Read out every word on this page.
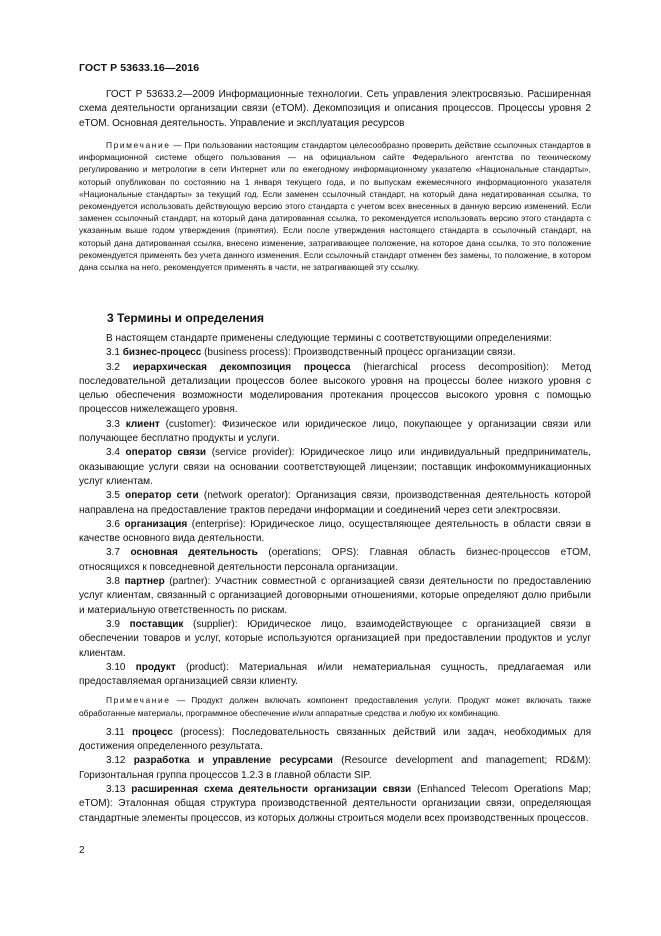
ГОСТ Р 53633.16—2016

ГОСТ Р 53633.2—2009 Информационные технологии. Сеть управления электросвязью. Расширенная схема деятельности организации связи (eTOM). Декомпозиция и описания процессов. Процессы уровня 2 eTOM. Основная деятельность. Управление и эксплуатация ресурсов

Примечание — При пользовании настоящим стандартом целесообразно проверить действие ссылочных стандартов в информационной системе общего пользования — на официальном сайте Федерального агентства по техническому регулированию и метрологии в сети Интернет или по ежегодному информационному указателю «Национальные стандарты», который опубликован по состоянию на 1 января текущего года, и по выпускам ежемесячного информационного указателя «Национальные стандарты» за текущий год. Если заменен ссылочный стандарт, на который дана недатированная ссылка, то рекомендуется использовать действующую версию этого стандарта с учетом всех внесенных в данную версию изменений. Если заменен ссылочный стандарт, на который дана датированная ссылка, то рекомендуется использовать версию этого стандарта с указанным выше годом утверждения (принятия). Если после утверждения настоящего стандарта в ссылочный стандарт, на который дана датированная ссылка, внесено изменение, затрагивающее положение, на которое дана ссылка, то это положение рекомендуется применять без учета данного изменения. Если ссылочный стандарт отменен без замены, то положение, в котором дана ссылка на него, рекомендуется применять в части, не затрагивающей эту ссылку.

3 Термины и определения

В настоящем стандарте применены следующие термины с соответствующими определениями:

3.1 бизнес-процесс (business process): Производственный процесс организации связи.

3.2 иерархическая декомпозиция процесса (hierarchical process decomposition): Метод последовательной детализации процессов более высокого уровня на процессы более низкого уровня с целью обеспечения возможности моделирования протекания процессов высокого уровня с помощью процессов нижележащего уровня.

3.3 клиент (customer): Физическое или юридическое лицо, покупающее у организации связи или получающее бесплатно продукты и услуги.

3.4 оператор связи (service provider): Юридическое лицо или индивидуальный предприниматель, оказывающие услуги связи на основании соответствующей лицензии; поставщик инфокоммуникационных услуг клиентам.

3.5 оператор сети (network operator): Организация связи, производственная деятельность которой направлена на предоставление трактов передачи информации и соединений через сети электросвязи.

3.6 организация (enterprise): Юридическое лицо, осуществляющее деятельность в области связи в качестве основного вида деятельности.

3.7 основная деятельность (operations; OPS): Главная область бизнес-процессов eTOM, относящихся к повседневной деятельности персонала организации.

3.8 партнер (partner): Участник совместной с организацией связи деятельности по предоставлению услуг клиентам, связанный с организацией договорными отношениями, которые определяют долю прибыли и материальную ответственность по рискам.

3.9 поставщик (supplier): Юридическое лицо, взаимодействующее с организацией связи в обеспечении товаров и услуг, которые используются организацией при предоставлении продуктов и услуг клиентам.

3.10 продукт (product): Материальная и/или нематериальная сущность, предлагаемая или предоставляемая организацией связи клиенту.

Примечание — Продукт должен включать компонент предоставления услуги. Продукт может включать также обработанные материалы, программное обеспечение и/или аппаратные средства и любую их комбинацию.

3.11 процесс (process): Последовательность связанных действий или задач, необходимых для достижения определенного результата.

3.12 разработка и управление ресурсами (Resource development and management; RD&M): Горизонтальная группа процессов 1.2.3 в главной области SIP.

3.13 расширенная схема деятельности организации связи (Enhanced Telecom Operations Map; eTOM): Эталонная общая структура производственной деятельности организации связи, определяющая стандартные элементы процессов, из которых должны строиться модели всех производственных процессов.

2
